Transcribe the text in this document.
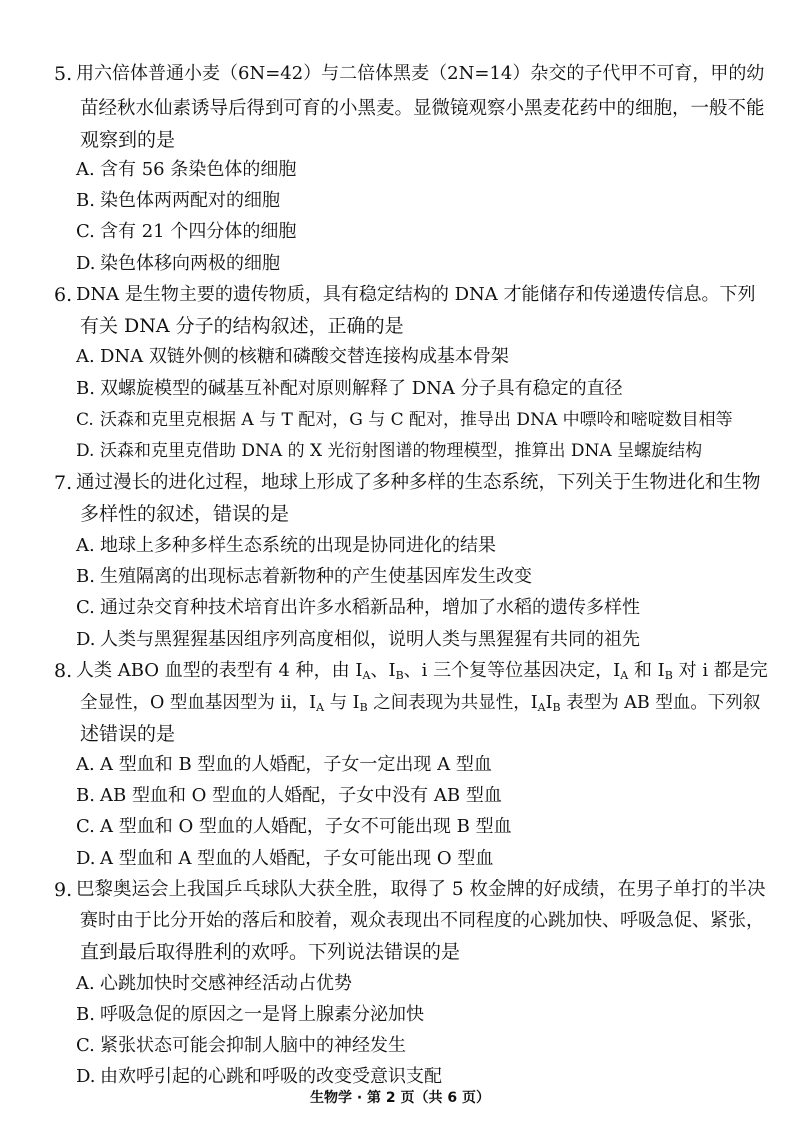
5. 用六倍体普通小麦（6N=42）与二倍体黑麦（2N=14）杂交的子代甲不可育，甲的幼
苗经秋水仙素诱导后得到可育的小黑麦。显微镜观察小黑麦花药中的细胞，一般不能
观察到的是
A. 含有 56 条染色体的细胞
B. 染色体两两配对的细胞
C. 含有 21 个四分体的细胞
D. 染色体移向两极的细胞
6. DNA 是生物主要的遗传物质，具有稳定结构的 DNA 才能储存和传递遗传信息。下列
有关 DNA 分子的结构叙述，正确的是
A. DNA 双链外侧的核糖和磷酸交替连接构成基本骨架
B. 双螺旋模型的碱基互补配对原则解释了 DNA 分子具有稳定的直径
C. 沃森和克里克根据 A 与 T 配对，G 与 C 配对，推导出 DNA 中嘌呤和嘧啶数目相等
D. 沃森和克里克借助 DNA 的 X 光衍射图谱的物理模型，推算出 DNA 呈螺旋结构
7. 通过漫长的进化过程，地球上形成了多种多样的生态系统，下列关于生物进化和生物
多样性的叙述，错误的是
A. 地球上多种多样生态系统的出现是协同进化的结果
B. 生殖隔离的出现标志着新物种的产生使基因库发生改变
C. 通过杂交育种技术培育出许多水稻新品种，增加了水稻的遗传多样性
D. 人类与黑猩猩基因组序列高度相似，说明人类与黑猩猩有共同的祖先
8. 人类 ABO 血型的表型有 4 种，由 $I_A$、$I_B$、i 三个复等位基因决定，$I_A$ 和 $I_B$ 对 i 都是完
全显性，O 型血基因型为 ii，$I_A$ 与 $I_B$ 之间表现为共显性，$I_AI_B$ 表型为 AB 型血。下列叙
述错误的是
A. A 型血和 B 型血的人婚配，子女一定出现 A 型血
B. AB 型血和 O 型血的人婚配，子女中没有 AB 型血
C. A 型血和 O 型血的人婚配，子女不可能出现 B 型血
D. A 型血和 A 型血的人婚配，子女可能出现 O 型血
9. 巴黎奥运会上我国乒乓球队大获全胜，取得了 5 枚金牌的好成绩，在男子单打的半决
赛时由于比分开始的落后和胶着，观众表现出不同程度的心跳加快、呼吸急促、紧张，
直到最后取得胜利的欢呼。下列说法错误的是
A. 心跳加快时交感神经活动占优势
B. 呼吸急促的原因之一是肾上腺素分泌加快
C. 紧张状态可能会抑制人脑中的神经发生
D. 由欢呼引起的心跳和呼吸的改变受意识支配
生物学 · 第 2 页（共 6 页）
